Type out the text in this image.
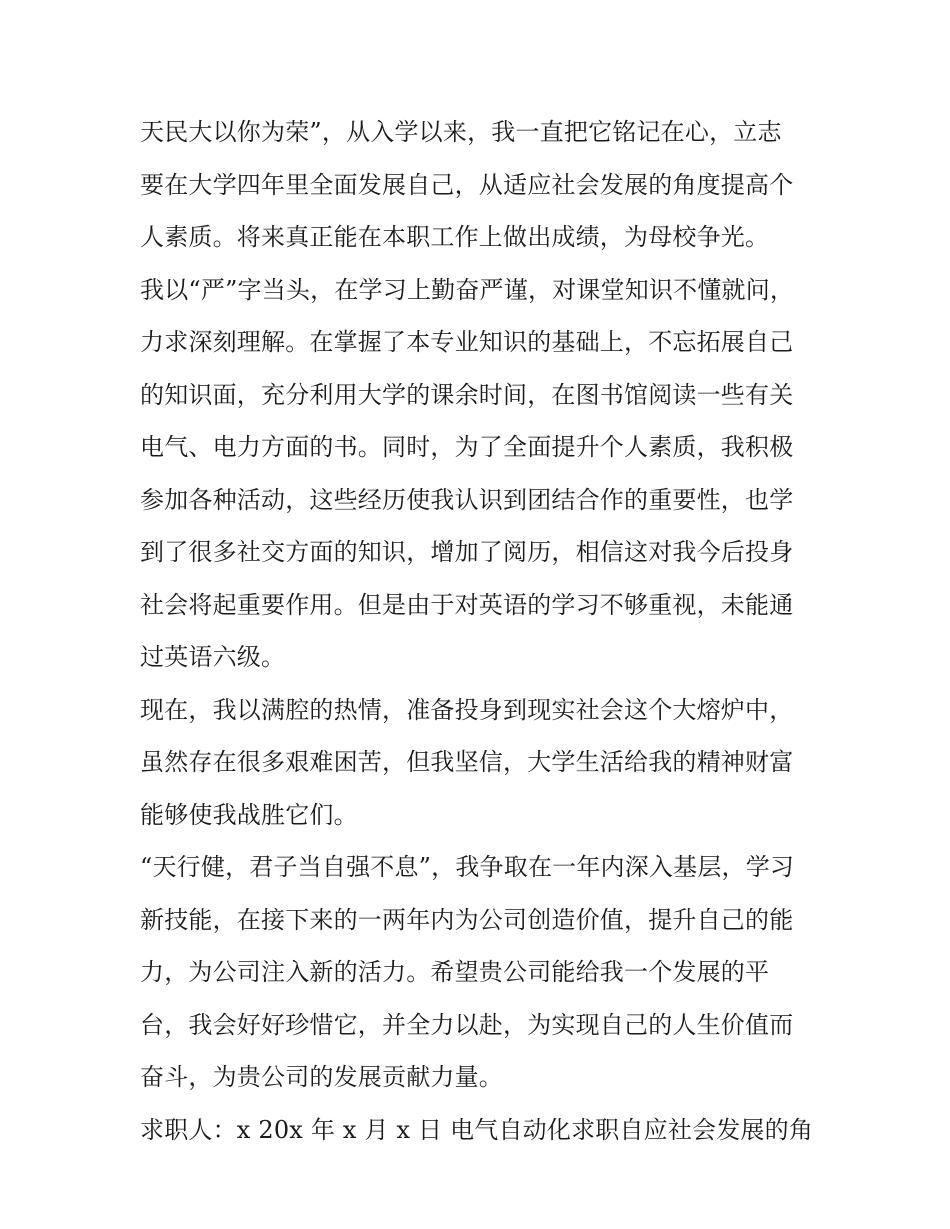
天民大以你为荣”，从入学以来，我一直把它铭记在心，立志
要在大学四年里全面发展自己，从适应社会发展的角度提高个
人素质。将来真正能在本职工作上做出成绩，为母校争光。
我以“严”字当头，在学习上勤奋严谨，对课堂知识不懂就问，
力求深刻理解。在掌握了本专业知识的基础上，不忘拓展自己
的知识面，充分利用大学的课余时间，在图书馆阅读一些有关
电气、电力方面的书。同时，为了全面提升个人素质，我积极
参加各种活动，这些经历使我认识到团结合作的重要性，也学
到了很多社交方面的知识，增加了阅历，相信这对我今后投身
社会将起重要作用。但是由于对英语的学习不够重视，未能通
过英语六级。
现在，我以满腔的热情，准备投身到现实社会这个大熔炉中，
虽然存在很多艰难困苦，但我坚信，大学生活给我的精神财富
能够使我战胜它们。
“天行健，君子当自强不息”，我争取在一年内深入基层，学习
新技能，在接下来的一两年内为公司创造价值，提升自己的能
力，为公司注入新的活力。希望贵公司能给我一个发展的平
台，我会好好珍惜它，并全力以赴，为实现自己的人生价值而
奋斗，为贵公司的发展贡献力量。
求职人：x 20x 年 x 月 x 日 电气自动化求职自应社会发展的角
